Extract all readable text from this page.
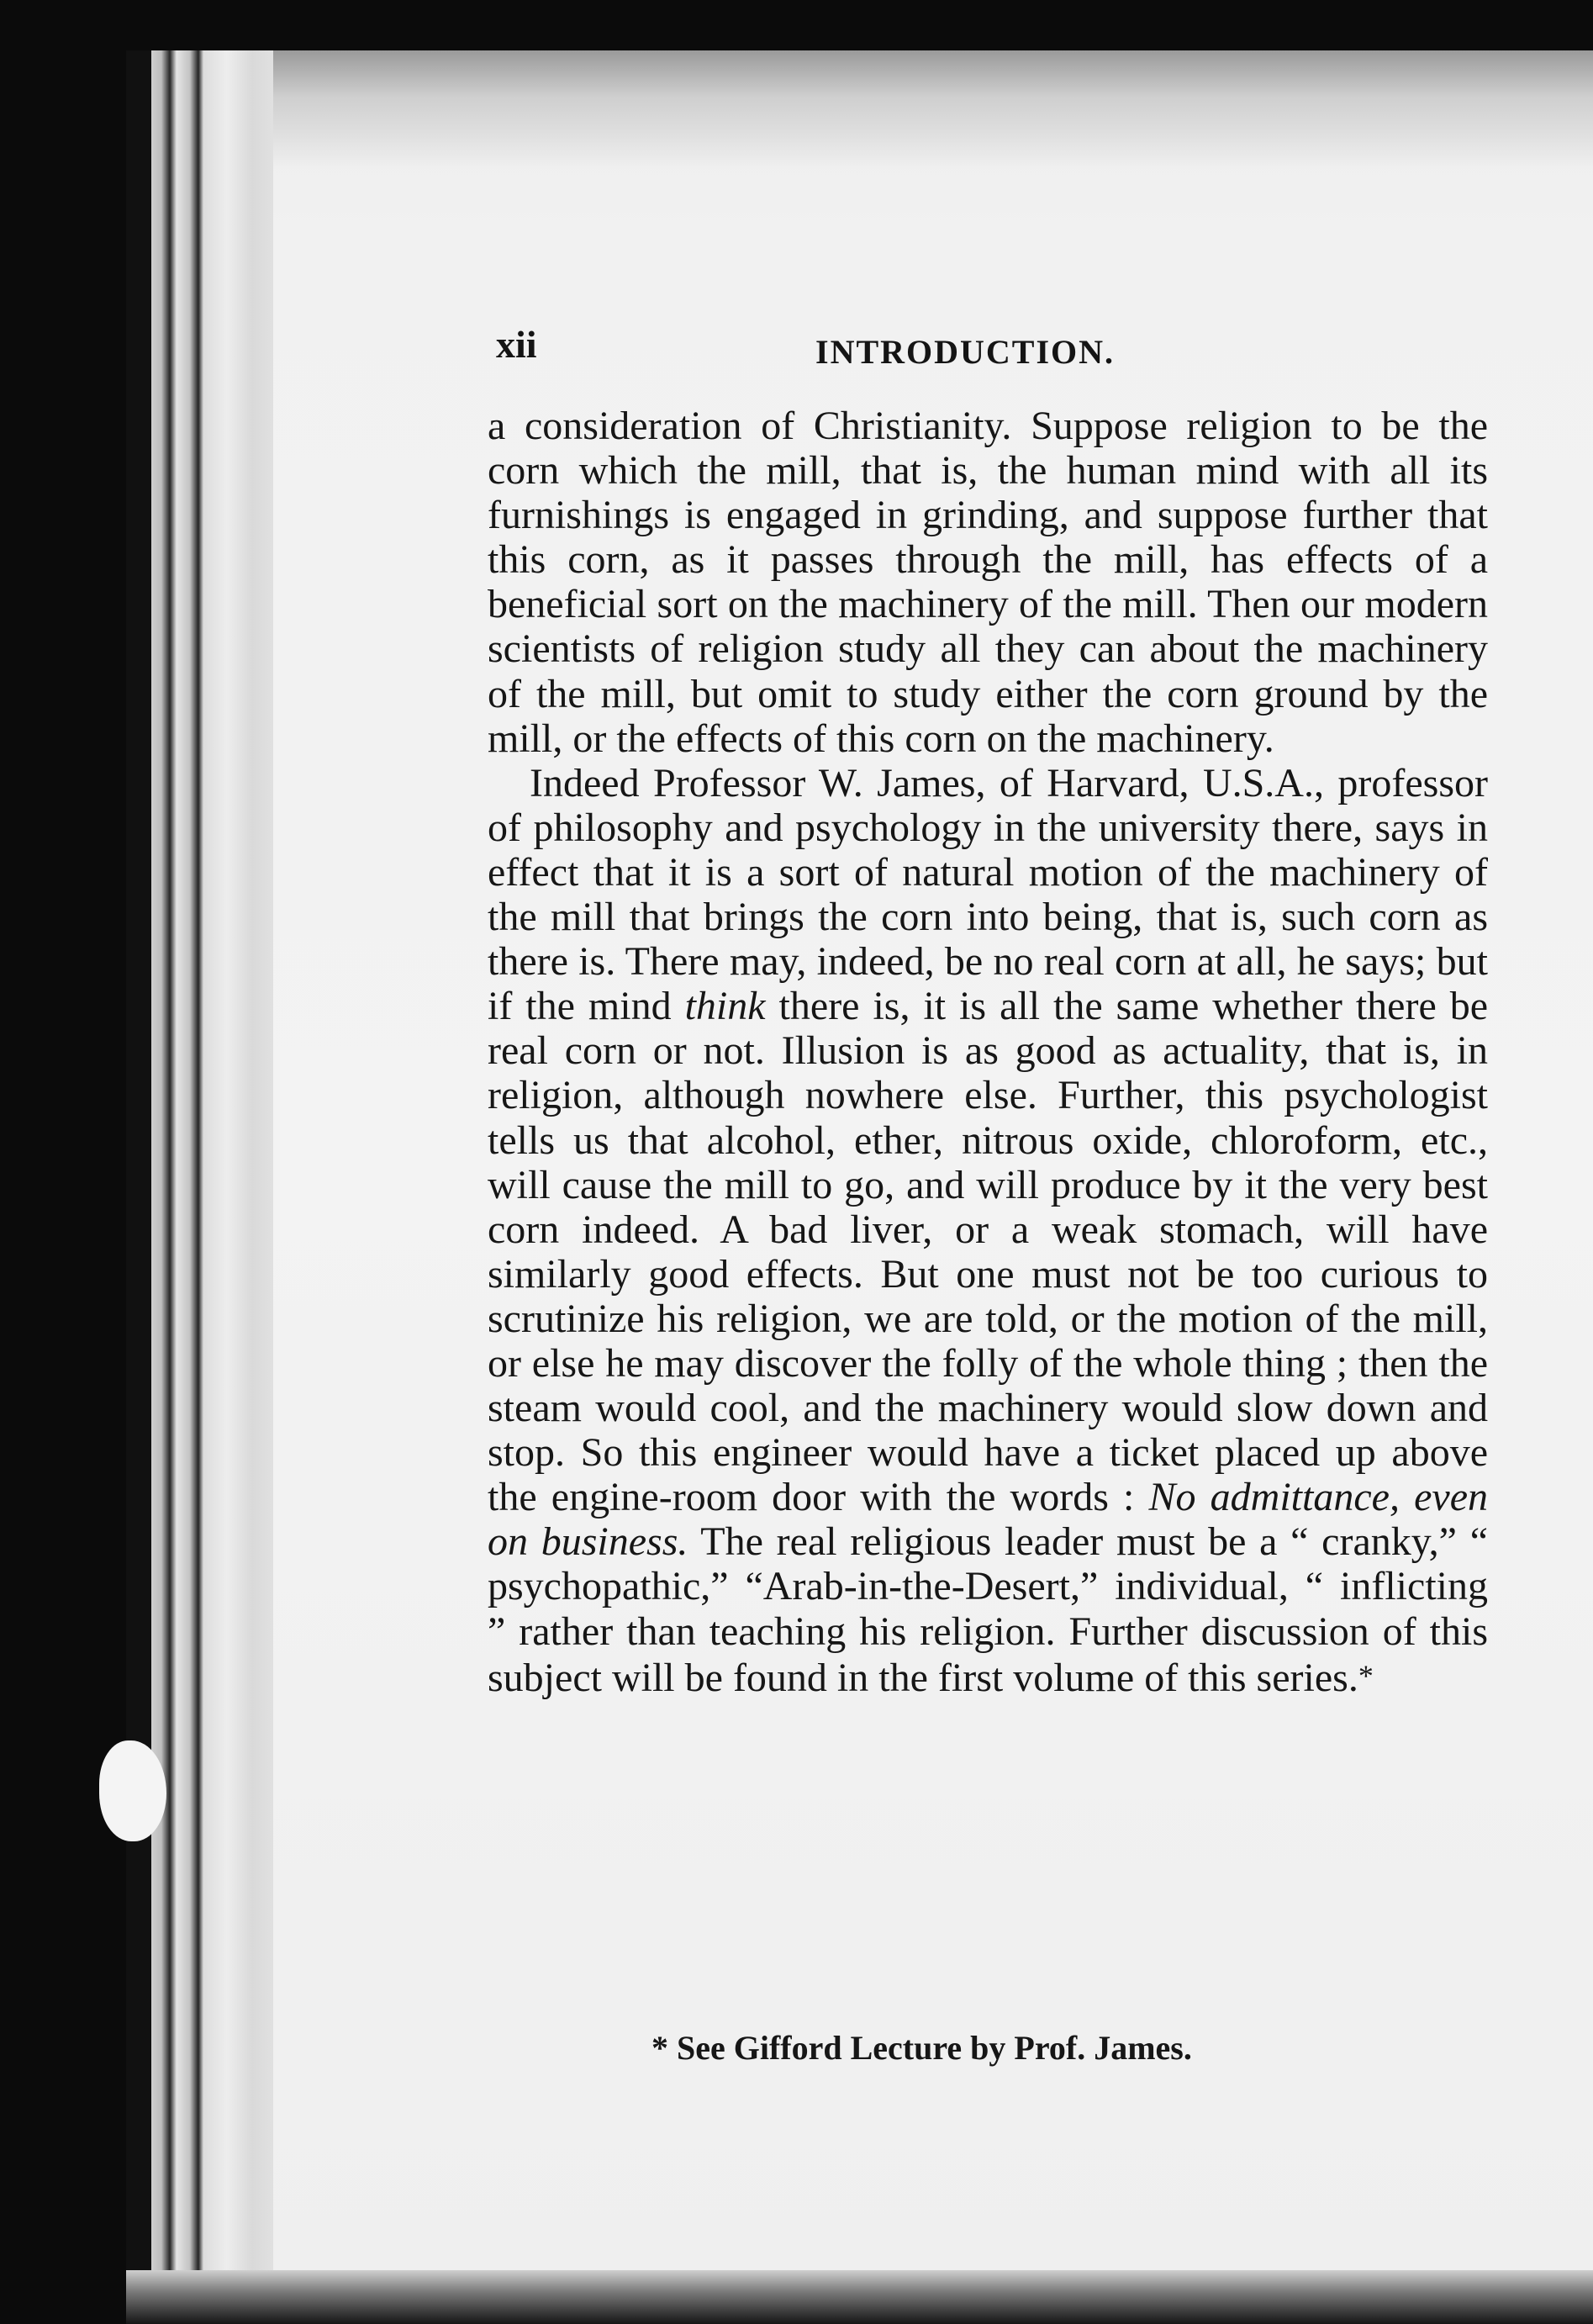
xii	INTRODUCTION.

a consideration of Christianity. Suppose religion to be the corn which the mill, that is, the human mind with all its furnishings is engaged in grinding, and suppose further that this corn, as it passes through the mill, has effects of a beneficial sort on the machinery of the mill. Then our modern scientists of religion study all they can about the machinery of the mill, but omit to study either the corn ground by the mill, or the effects of this corn on the machinery.

Indeed Professor W. James, of Harvard, U.S.A., professor of philosophy and psychology in the university there, says in effect that it is a sort of natural motion of the machinery of the mill that brings the corn into being, that is, such corn as there is. There may, indeed, be no real corn at all, he says; but if the mind think there is, it is all the same whether there be real corn or not. Illusion is as good as actuality, that is, in religion, although nowhere else. Further, this psychologist tells us that alcohol, ether, nitrous oxide, chloroform, etc., will cause the mill to go, and will produce by it the very best corn indeed. A bad liver, or a weak stomach, will have similarly good effects. But one must not be too curious to scrutinize his religion, we are told, or the motion of the mill, or else he may discover the folly of the whole thing ; then the steam would cool, and the machinery would slow down and stop. So this engineer would have a ticket placed up above the engine-room door with the words : No admittance, even on business. The real religious leader must be a “ cranky,” “ psychopathic,” “Arab-in-the-Desert,” individual, “ inflicting ” rather than teaching his religion. Further discussion of this subject will be found in the first volume of this series.*

* See Gifford Lecture by Prof. James.
